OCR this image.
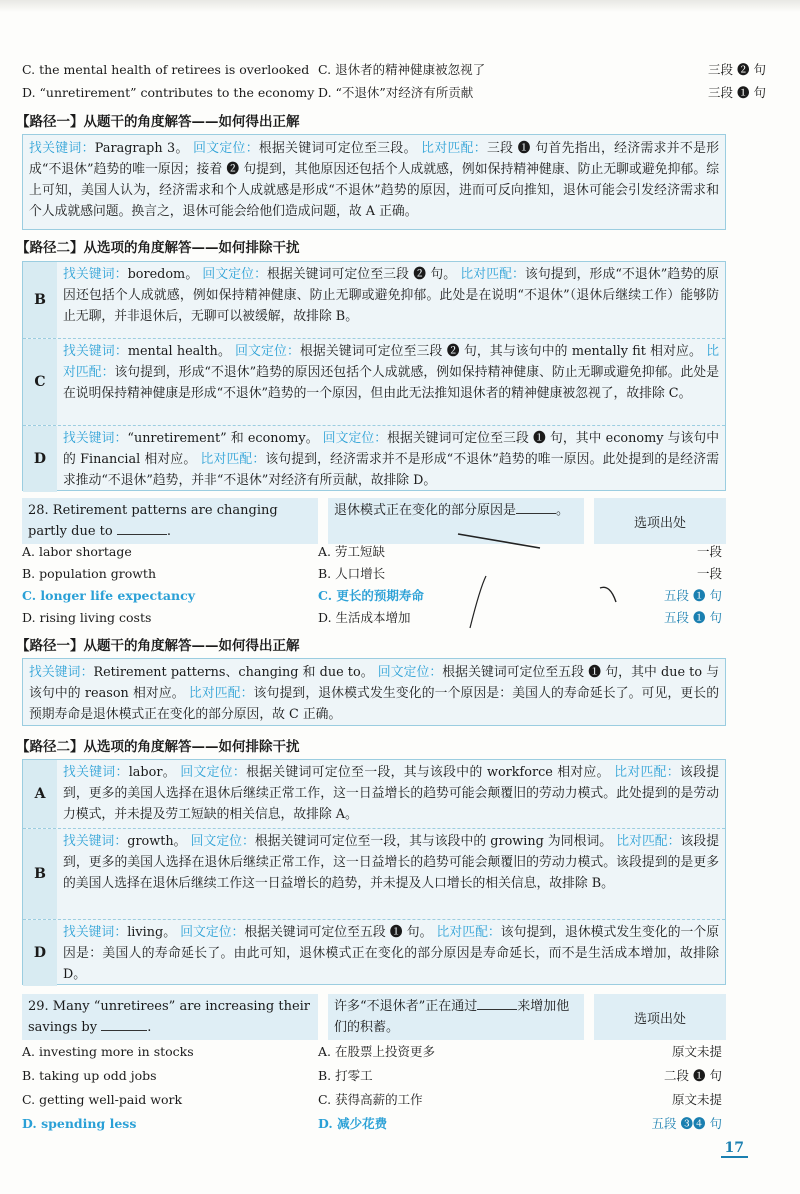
C. the mental health of retirees is overlooked C. 退休者的精神健康被忽视了	三段 ❷ 句
D. “unretirement” contributes to the economy D. “不退休”对经济有所贡献	三段 ❶ 句
【路径一】从题干的角度解答——如何得出正解
找关键词：Paragraph 3。 回文定位：根据关键词可定位至三段。 比对匹配：三段 ❶ 句首先指出，经济需求并不是形成“不退休”趋势的唯一原因；接着 ❷ 句提到，其他原因还包括个人成就感，例如保持精神健康、防止无聊或避免抑郁。综上可知，美国人认为，经济需求和个人成就感是形成“不退休”趋势的原因，进而可反向推知，退休可能会引发经济需求和个人成就感问题。换言之，退休可能会给他们造成问题，故 A 正确。
【路径二】从选项的角度解答——如何排除干扰
B
找关键词：boredom。 回文定位：根据关键词可定位至三段 ❷ 句。 比对匹配：该句提到，形成“不退休”趋势的原因还包括个人成就感，例如保持精神健康、防止无聊或避免抑郁。此处是在说明“不退休”（退休后继续工作）能够防止无聊，并非退休后，无聊可以被缓解，故排除 B。
C
找关键词：mental health。 回文定位：根据关键词可定位至三段 ❷ 句，其与该句中的 mentally fit 相对应。 比对匹配：该句提到，形成“不退休”趋势的原因还包括个人成就感，例如保持精神健康、防止无聊或避免抑郁。此处是在说明保持精神健康是形成“不退休”趋势的一个原因，但由此无法推知退休者的精神健康被忽视了，故排除 C。
D
找关键词：“unretirement” 和 economy。 回文定位：根据关键词可定位至三段 ❶ 句，其中 economy 与该句中的 Financial 相对应。 比对匹配：该句提到，经济需求并不是形成“不退休”趋势的唯一原因。此处提到的是经济需求推动“不退休”趋势，并非“不退休”对经济有所贡献，故排除 D。
28. Retirement patterns are changing partly due to	.
退休模式正在变化的部分原因是	。
选项出处
A. labor shortage	A. 劳工短缺	一段
B. population growth	B. 人口增长	一段
C. longer life expectancy	C. 更长的预期寿命	五段 ❶ 句
D. rising living costs	D. 生活成本增加	五段 ❶ 句
【路径一】从题干的角度解答——如何得出正解
找关键词：Retirement patterns、changing 和 due to。 回文定位：根据关键词可定位至五段 ❶ 句，其中 due to 与该句中的 reason 相对应。 比对匹配：该句提到，退休模式发生变化的一个原因是：美国人的寿命延长了。可见，更长的预期寿命是退休模式正在变化的部分原因，故 C 正确。
【路径二】从选项的角度解答——如何排除干扰
A
找关键词：labor。 回文定位：根据关键词可定位至一段，其与该段中的 workforce 相对应。 比对匹配：该段提到，更多的美国人选择在退休后继续正常工作，这一日益增长的趋势可能会颠覆旧的劳动力模式。此处提到的是劳动力模式，并未提及劳工短缺的相关信息，故排除 A。
B
找关键词：growth。 回文定位：根据关键词可定位至一段，其与该段中的 growing 为同根词。 比对匹配：该段提到，更多的美国人选择在退休后继续正常工作，这一日益增长的趋势可能会颠覆旧的劳动力模式。该段提到的是更多的美国人选择在退休后继续工作这一日益增长的趋势，并未提及人口增长的相关信息，故排除 B。
D
找关键词：living。 回文定位：根据关键词可定位至五段 ❶ 句。 比对匹配：该句提到，退休模式发生变化的一个原因是：美国人的寿命延长了。由此可知，退休模式正在变化的部分原因是寿命延长，而不是生活成本增加，故排除 D。
29. Many “unretirees” are increasing their savings by	.
许多“不退休者”正在通过	来增加他们的积蓄。
选项出处
A. investing more in stocks	A. 在股票上投资更多	原文未提
B. taking up odd jobs	B. 打零工	二段 ❶ 句
C. getting well-paid work	C. 获得高薪的工作	原文未提
D. spending less	D. 减少花费	五段 ❸❹ 句
17
